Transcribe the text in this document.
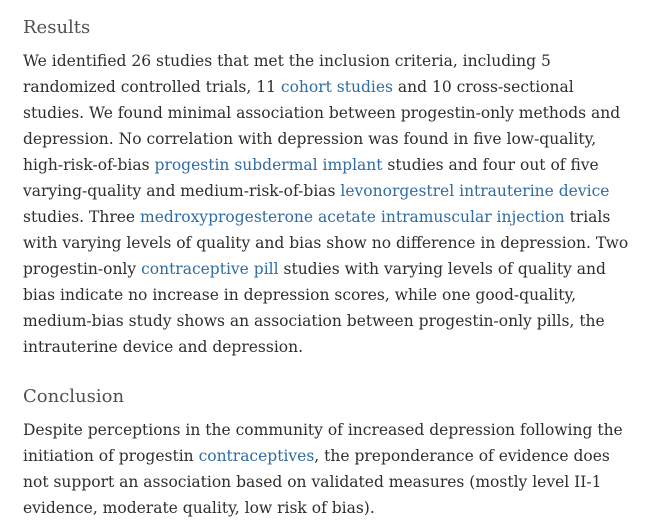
Results

We identified 26 studies that met the inclusion criteria, including 5 randomized controlled trials, 11 cohort studies and 10 cross-sectional studies. We found minimal association between progestin-only methods and depression. No correlation with depression was found in five low-quality, high-risk-of-bias progestin subdermal implant studies and four out of five varying-quality and medium-risk-of-bias levonorgestrel intrauterine device studies. Three medroxyprogesterone acetate intramuscular injection trials with varying levels of quality and bias show no difference in depression. Two progestin-only contraceptive pill studies with varying levels of quality and bias indicate no increase in depression scores, while one good-quality, medium-bias study shows an association between progestin-only pills, the intrauterine device and depression.

Conclusion

Despite perceptions in the community of increased depression following the initiation of progestin contraceptives, the preponderance of evidence does not support an association based on validated measures (mostly level II-1 evidence, moderate quality, low risk of bias).
